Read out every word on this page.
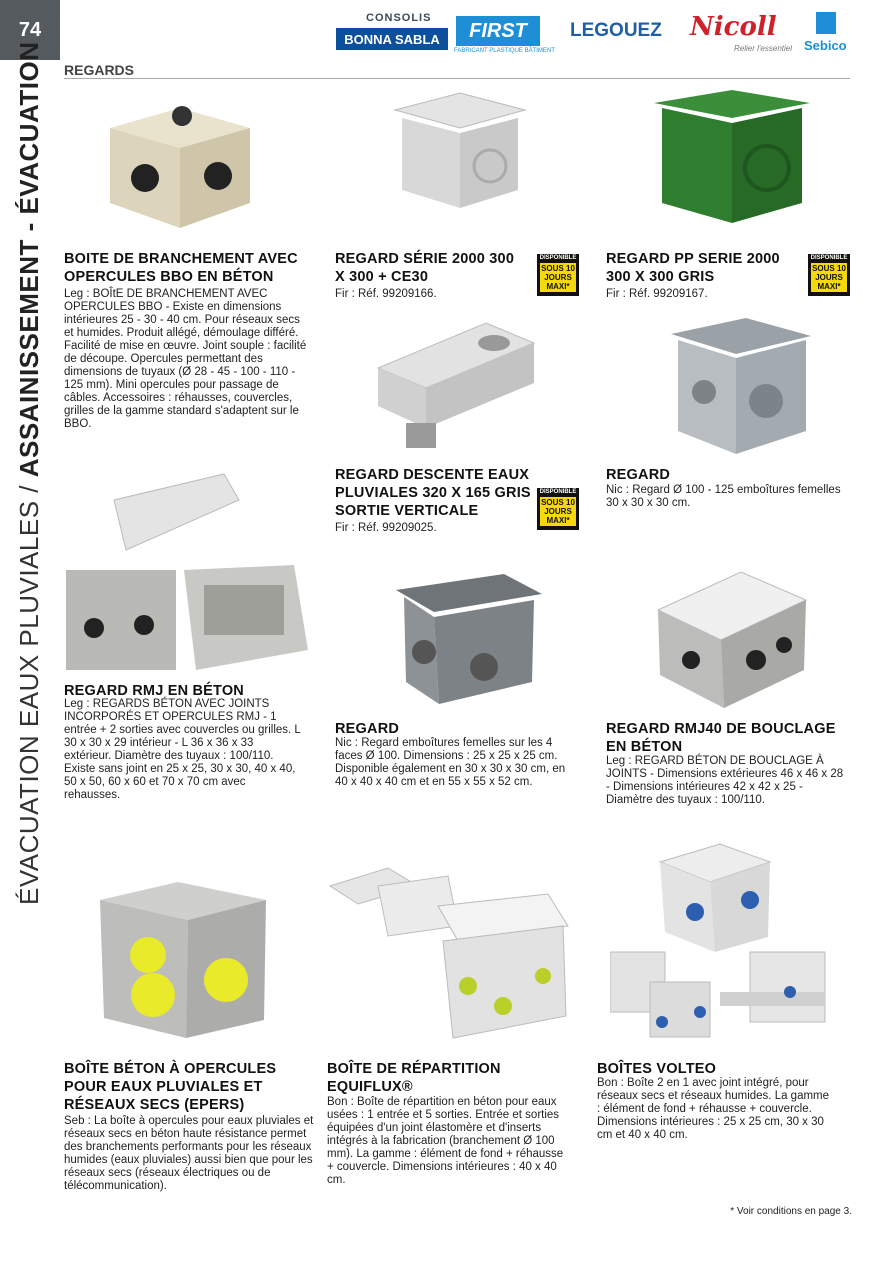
74
ÉVACUATION EAUX PLUVIALES / ASSAINISSEMENT - ÉVACUATION
CONSOLIS
BONNA SABLA	FIRST
FABRICANT PLASTIQUE BÂTIMENT
LEGOUEZ Nicoll
Relier l'essentiel Sebico
REGARDS
BOITE DE BRANCHEMENT AVEC OPERCULES BBO EN BÉTON
Leg : BOÎtE DE BRANCHEMENT AVEC OPERCULES BBO - Existe en dimensions intérieures 25 - 30 - 40 cm. Pour réseaux secs et humides. Produit allégé, démoulage différé. Facilité de mise en œuvre. Joint souple : facilité de découpe. Opercules permettant des dimensions de tuyaux (Ø 28 - 45 - 100 - 110 - 125 mm). Mini opercules pour passage de câbles. Accessoires : réhausses, couvercles, grilles de la gamme standard s'adaptent sur le BBO.
REGARD SÉRIE 2000 300 X 300 + CE30
Fir : Réf. 99209166.
DISPONIBLE
SOUS 10 JOURS MAXI*
REGARD PP SERIE 2000 300 X 300 GRIS
Fir : Réf. 99209167.
DISPONIBLE
SOUS 10 JOURS MAXI*
REGARD DESCENTE EAUX PLUVIALES 320 X 165 GRIS SORTIE VERTICALE
Fir : Réf. 99209025.
DISPONIBLE
SOUS 10 JOURS MAXI*
REGARD
Nic : Regard Ø 100 - 125 emboîtures femelles 30 x 30 x 30 cm.
REGARD RMJ EN BÉTON
Leg : REGARDS BÉTON AVEC JOINTS INCORPORÉS ET OPERCULES RMJ - 1 entrée + 2 sorties avec couvercles ou grilles. L 30 x 30 x 29 intérieur - L 36 x 36 x 33 extérieur. Diamètre des tuyaux : 100/110. Existe sans joint en 25 x 25, 30 x 30, 40 x 40, 50 x 50, 60 x 60 et 70 x 70 cm avec rehausses.
REGARD
Nic : Regard emboîtures femelles sur les 4 faces Ø 100. Dimensions : 25 x 25 x 25 cm. Disponible également en 30 x 30 x 30 cm, en 40 x 40 x 40 cm et en 55 x 55 x 52 cm.
REGARD RMJ40 DE BOUCLAGE EN BÉTON
Leg : REGARD BÉTON DE BOUCLAGE À JOINTS - Dimensions extérieures 46 x 46 x 28 - Dimensions intérieures 42 x 42 x 25 - Diamètre des tuyaux : 100/110.
BOÎTE BÉTON À OPERCULES POUR EAUX PLUVIALES ET RÉSEAUX SECS (EPERS)
Seb : La boîte à opercules pour eaux pluviales et réseaux secs en béton haute résistance permet des branchements performants pour les réseaux humides (eaux pluviales) aussi bien que pour les réseaux secs (réseaux électriques ou de télécommunication).
BOÎTE DE RÉPARTITION EQUIFLUX®
Bon : Boîte de répartition en béton pour eaux usées : 1 entrée et 5 sorties. Entrée et sorties équipées d'un joint élastomère et d'inserts intégrés à la fabrication (branchement Ø 100 mm). La gamme : élément de fond + réhausse + couvercle. Dimensions intérieures : 40 x 40 cm.
BOÎTES VOLTEO
Bon : Boîte 2 en 1 avec joint intégré, pour réseaux secs et réseaux humides. La gamme : élément de fond + réhausse + couvercle. Dimensions intérieures : 25 x 25 cm, 30 x 30 cm et 40 x 40 cm.
* Voir conditions en page 3.
